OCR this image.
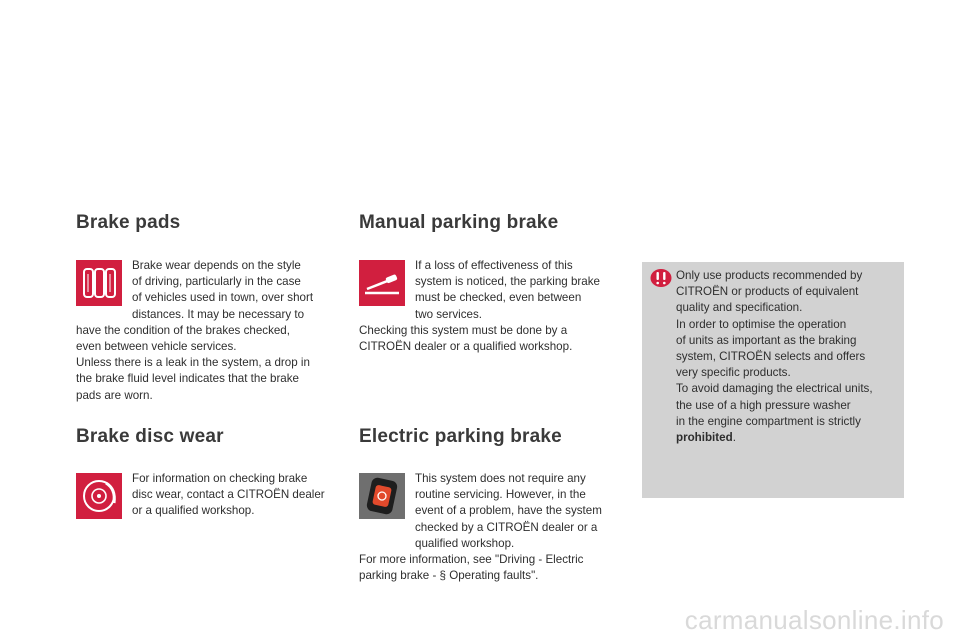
Brake pads
Brake wear depends on the style
of driving, particularly in the case
of vehicles used in town, over short
distances. It may be necessary to
have the condition of the brakes checked,
even between vehicle services.
Unless there is a leak in the system, a drop in
the brake fluid level indicates that the brake
pads are worn.
Brake disc wear
For information on checking brake
disc wear, contact a CITROËN dealer
or a qualified workshop.
Manual parking brake
If a loss of effectiveness of this
system is noticed, the parking brake
must be checked, even between
two services.
Checking this system must be done by a
CITROËN dealer or a qualified workshop.
Electric parking brake
This system does not require any
routine servicing. However, in the
event of a problem, have the system
checked by a CITROËN dealer or a
qualified workshop.
For more information, see "Driving - Electric
parking brake - § Operating faults".
Only use products recommended by
CITROËN or products of equivalent
quality and specification.
In order to optimise the operation
of units as important as the braking
system, CITROËN selects and offers
very specific products.
To avoid damaging the electrical units,
the use of a high pressure washer
in the engine compartment is strictly
prohibited.
carmanualsonline.info
